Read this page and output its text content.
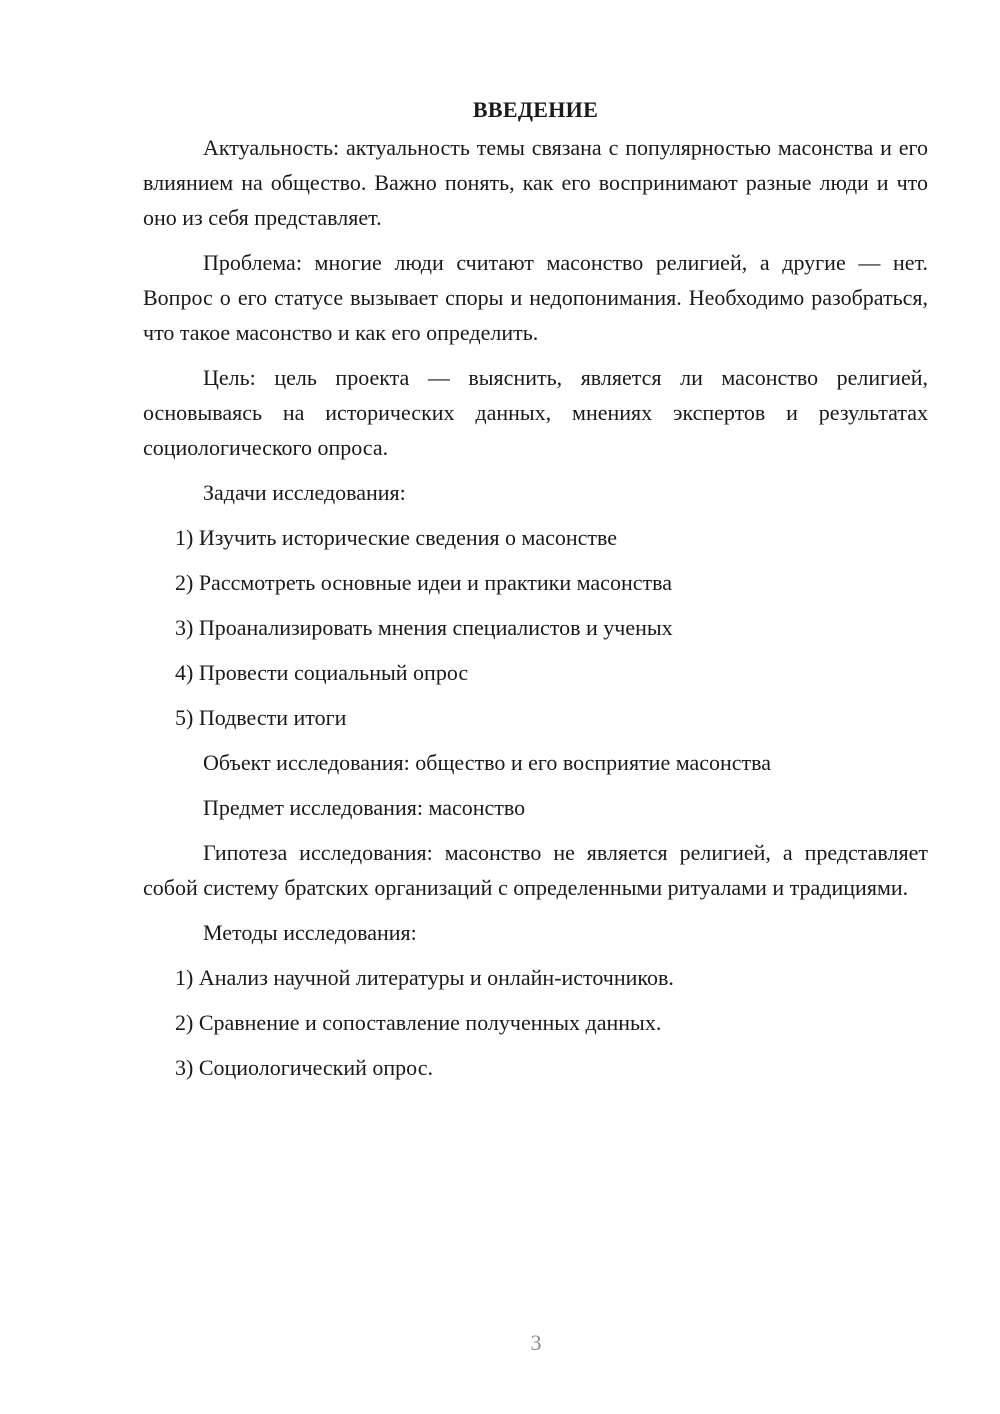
ВВЕДЕНИЕ

Актуальность: актуальность темы связана с популярностью масонства и его влиянием на общество. Важно понять, как его воспринимают разные люди и что оно из себя представляет.

Проблема: многие люди считают масонство религией, а другие — нет. Вопрос о его статусе вызывает споры и недопонимания. Необходимо разобраться, что такое масонство и как его определить.

Цель: цель проекта — выяснить, является ли масонство религией, основываясь на исторических данных, мнениях экспертов и результатах социологического опроса.

Задачи исследования:

1) Изучить исторические сведения о масонстве

2) Рассмотреть основные идеи и практики масонства

3) Проанализировать мнения специалистов и ученых

4) Провести социальный опрос

5) Подвести итоги

Объект исследования: общество и его восприятие масонства

Предмет исследования: масонство

Гипотеза исследования: масонство не является религией, а представляет собой систему братских организаций с определенными ритуалами и традициями.

Методы исследования:

1) Анализ научной литературы и онлайн-источников.

2) Сравнение и сопоставление полученных данных.

3) Социологический опрос.

3
